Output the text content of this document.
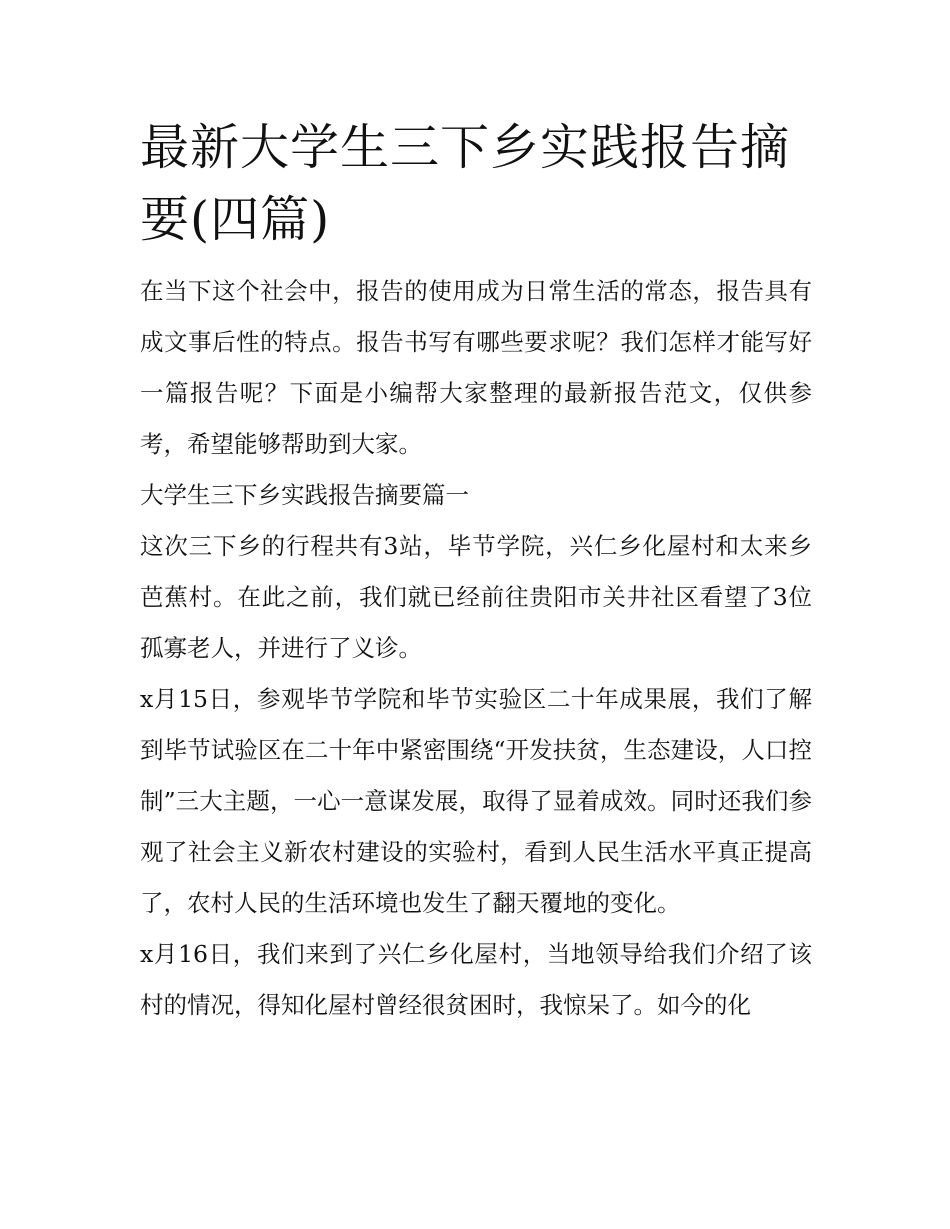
最新大学生三下乡实践报告摘要(四篇)

在当下这个社会中，报告的使用成为日常生活的常态，报告具有成文事后性的特点。报告书写有哪些要求呢？我们怎样才能写好一篇报告呢？下面是小编帮大家整理的最新报告范文，仅供参考，希望能够帮助到大家。

大学生三下乡实践报告摘要篇一

这次三下乡的行程共有3站，毕节学院，兴仁乡化屋村和太来乡芭蕉村。在此之前，我们就已经前往贵阳市关井社区看望了3位孤寡老人，并进行了义诊。

x月15日，参观毕节学院和毕节实验区二十年成果展，我们了解到毕节试验区在二十年中紧密围绕“开发扶贫，生态建设，人口控制”三大主题，一心一意谋发展，取得了显着成效。同时还我们参观了社会主义新农村建设的实验村，看到人民生活水平真正提高了，农村人民的生活环境也发生了翻天覆地的变化。

x月16日，我们来到了兴仁乡化屋村，当地领导给我们介绍了该村的情况，得知化屋村曾经很贫困时，我惊呆了。如今的化
